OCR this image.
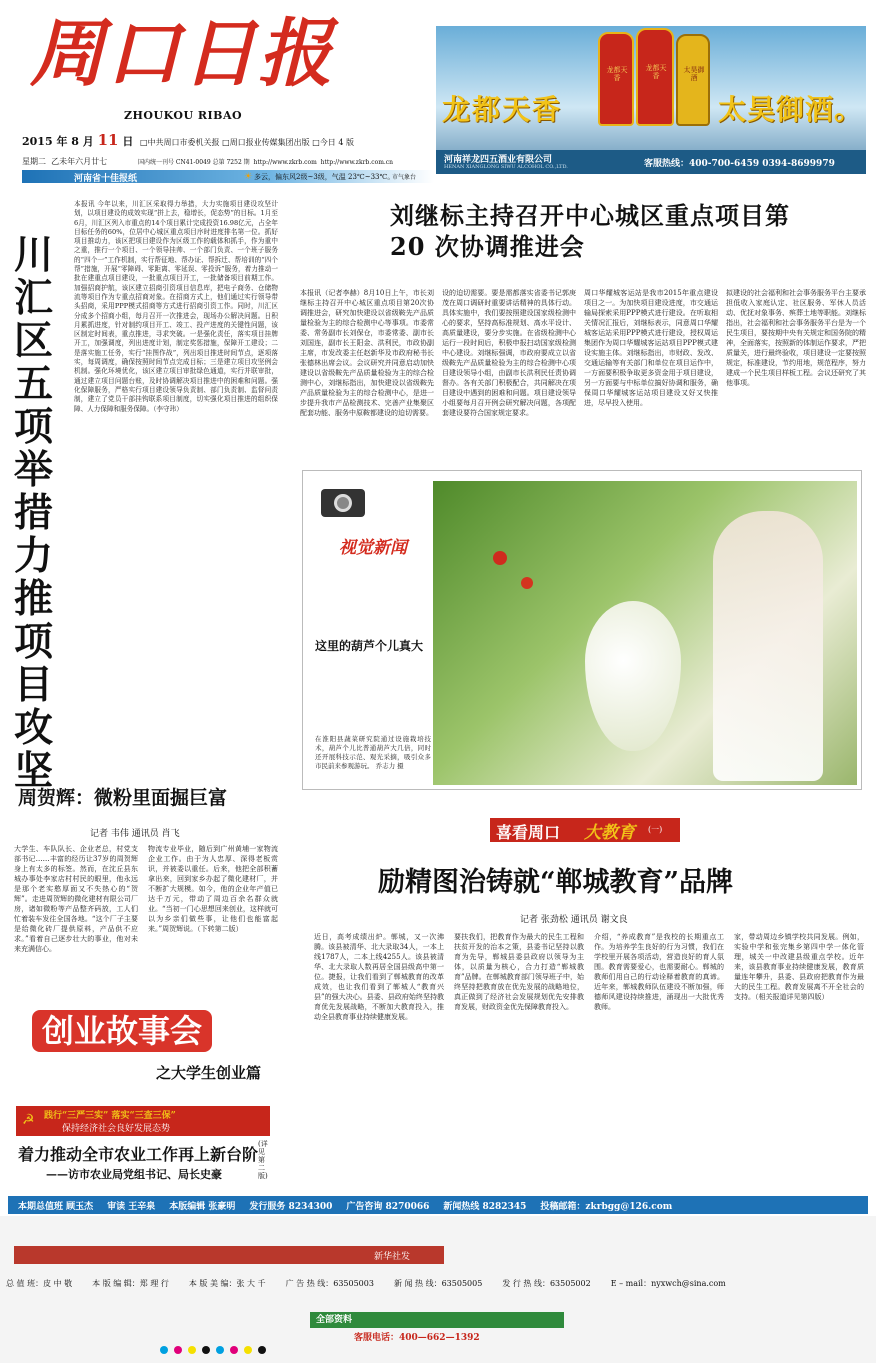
周口日报
ZHOUKOU RIBAO
2015 年 8 月 11 日 □中共周口市委机关报 □周口报业传媒集团出版 □今日 4 版
星期二 乙未年六月廿七	国内统一刊号 CN41-0049 总第 7252 期 http://www.zkrb.com http://www.zkrb.com.cn
河南省十佳报纸	☀ 多云，偏东风2级~3级，气温 23℃~33℃。
市气象台
龙都天香	太昊御酒。
龙都天香
龙都天香
太昊御酒
河南祥龙四五酒业有限公司
HENAN XIANGLONG SIWU ALCOHOL CO.,LTD.	客服热线：400-700-6459 0394-8699979
川汇区五项举措力推项目攻坚
本报讯 今年以来，川汇区采取得力举措，大力实施项目建设攻坚计划，以项目建设的成效实现“拼上去，稳增长，促态势”的目标。1月至6月，川汇区列入市重点的14个项目累计完成投资16.98亿元，占全年目标任务的60%，位居中心城区重点项目序时进度排名第一位。抓好项目推动力，该区把项目建设作为区级工作的载体和抓手，作为重中之重，推行一个项目、一个领导挂帅、一个部门负责、一个班子服务的“四个一”工作机制，实行帮征地、帮办证、帮拆迁、帮培训的“四个帮”措施，开展“零障碍、零距离、零延误、零投诉”服务，着力推动一批在建重点项目建设，一批重点项目开工，一批储备项目前期工作。加强招商护航，该区建立招商引资项目信息库，把电子商务、仓储物流等项目作为专重点招商对象。在招商方式上，他们通过实行领导带头招商，采用PPP模式招商等方式进行招商引资工作。同时，川汇区分成多个招商小组，每月召开一次推进会，现场办公解决问题。日积月累抓进度，针对制约项目开工、竣工、投产进度的关键性问题，该区制定时间表，重点推进，寻求突破。一是强化责任，落实项目挂牌开工，加强调度，列出进度计划，制定奖惩措施，保障开工建设；二是落实施工任务，实行“挂图作战”，列出项目推进时间节点，逐项落实，每周调度，确保按照时间节点完成目标；三是建立项目攻坚例会机制。强化环境优化，该区建立项目审批绿色通道，实行并联审批，通过建立项目问题台账，及时协调解决项目推进中的困难和问题。强化保障服务，严格实行项目建设领导负责制、部门负责制、监督问责制，建立了党员干部挂钩联系项目制度，切实强化项目推进的组织保障、人力保障和服务保障。（李守玮）
周贺辉：微粉里面掘巨富
记者 韦伟 通讯员 肖飞
大学生、车队队长、企业老总，村党支部书记……丰富的经历让37岁的周贺辉身上有太多的标签。然而，在沈丘县东城办事处李家店村村民的眼里，他永远是那个老实憨厚面又不失热心的“贺辉”。走进周贺辉的微化建材有限公司厂房，诸如微粉等产品整齐码放，工人们忙着装车发往全国各地。“这个厂子主要是给微化砖厂提供原料，产品供不应求。”看着自己逐步壮大的事业，他对未来充满信心。
物流专业毕业，随后到广州黄埔一家物流企业工作。由于为人忠厚、深得老板赏识，并被委以重任。后来，他把全部积蓄拿出来，回到家乡办起了微化建材厂，并不断扩大规模。如今，他的企业年产值已达千万元，带动了周边百余名群众就业。“当初一门心思想回来创业，这样就可以为乡亲们做些事，让他们也能富起来。”周贺辉说。（下转第二版）
创业故事会
之大学生创业篇
☭ 践行“三严三实” 落实“三查三保”
保持经济社会良好发展态势
着力推动全市农业工作再上新台阶
——访市农业局党组书记、局长史豪
(详见第二版)
刘继标主持召开中心城区重点项目第 20 次协调推进会
本报讯（记者李赫）8月10日上午，市长刘继标主持召开中心城区重点项目第20次协调推进会，研究加快建设以省级鞍先产品质量检验为主的综合检测中心等事项。市委常委、常务副市长刘保仓，市委常委、副市长刘国连，副市长王阳金、洪利民，市政协副主席，市发改委主任赵新华及市政府秘书长张德林出席会议。会议研究并同意启动加快建设以省级鞍先产品质量检验为主的综合检测中心，刘继标指出，加快建设以省级鞍先产品质量检验为主的综合检测中心，是进一步提升我市产品检测技术、完善产业集聚区配套功能、服务中原鞍都建设的迫切需要。
设的迫切需要。要是需都落实省委书记郭庚茂在周口调研时重要讲话精神的具体行动。具体实施中，我们要按照建设国家级检测中心的要求，坚持高标准规划、高水平设计、高质量建设，要分步实施。在省级检测中心运行一段时间后，积极申报扫动国家级检测中心建设。刘继标强调，市政府要成立以省级鞍先产品质量检验为主的综合检测中心项目建设领导小组，由副市长洪利民任责协调督办。各有关部门积极配合，共同解决在项目建设中遇到的困难和问题。项目建设领导小组要每月召开例会研究解决问题，各项配套建设要符合国家规定要求。
周口华耀城客运站是我市2015年重点建设项目之一。为加快项目建设进度，市交通运输局探索采用PPP模式进行建设。在听取相关情况汇报后，刘继标表示，同意周口华耀城客运站采用PPP模式进行建设，授权周运集团作为周口华耀城客运站项目PPP模式建设实施主体。刘继标指出，市财政、发改、交通运输等有关部门和单位在项目运作中，一方面要积极争取更多资金用于项目建设，另一方面要与中标单位搞好协调和服务，确保周口华耀城客运站项目建设又好又快推进，尽早投入使用。
拟建设的社会福利和社会事务服务平台主要承担低收入家庭认定、社区服务、军休人员活动、优抚对象事务、殡葬土地等职能。刘继标指出，社会福利和社会事务服务平台是为一个民生项目，要按期中央有关规定和国务院的精神，全面落实，按照新的体制运作要求，严把质量关，进行最终验收，项目建设一定要按照规定，标准建设，节约用地，规范程序，努力建成一个民生项目样板工程。会议还研究了其他事项。
视觉新闻
这里的葫芦个儿真大
在淮阳县蔬菜研究院通过设施栽培技术，葫芦个儿比普通葫芦大几倍，同时还开展科技示范、观光采摘，吸引众多市民前来参观游玩。 乔志力 摄
喜看周口 大教育 (一)
励精图治铸就“郸城教育”品牌
记者 张劲松 通讯员 谢文良
近日，高考成绩出炉。郸城，又一次沸腾。该县被清华、北大录取34人，一本上线1787人，二本上线4255人。该县被清华、北大录取人数再居全国县级高中第一位。捷报，让我们看到了郸城教育的改革成效，也让我们看到了郸城人“教育兴县”的强大决心。县委、县政府始终坚持教育优先发展战略，不断加大教育投入，推动全县教育事业持续健康发展。
要扶我们，把教育作为最大的民生工程和扶贫开发的治本之策，县委书记坚持以教育为先导，郸城县委县政府以领导为主体，以质量为核心，合力打造“郸城教育”品牌。在郸城教育部门领导班子中，始终坚持把教育放在优先发展的战略地位，真正做到了经济社会发展规划优先安排教育发展，财政资金优先保障教育投入。
介绍，“养成教育”是我校的长期重点工作。为培养学生良好的行为习惯，我们在学校里开展各项活动，营造良好的育人氛围。教育需要爱心，也需要耐心。郸城的教师们用自己的行动诠释着教育的真谛。近年来，郸城教师队伍建设不断加强，师德师风建设持续推进，涌现出一大批优秀教师。
家，带动周边乡镇学校共同发展。例如，实验中学和张完集乡第四中学一体化管理，城关一中改建县级重点学校。近年来，该县教育事业持续健康发展，教育质量连年攀升，县委、县政府把教育作为最大的民生工程。教育发展离不开全社会的支持。（相关报道详见第四版）
本期总值班 顾玉杰 审读 王辛泉 本版编辑 张豪明 发行服务 8234300 广告咨询 8270066 新闻热线 8282345 投稿邮箱：zkrbgg@126.com
新华社发
总 值 班：皮 中 敬	本 版 编 辑：郑 理 行	本 版 美 编：张 大 千	广 告 热 线：63505003	新 闻 热 线：63505005	发 行 热 线：63505002	E – mail：nyxwch@sina.com
全部资料
客服电话：400—662—1392
